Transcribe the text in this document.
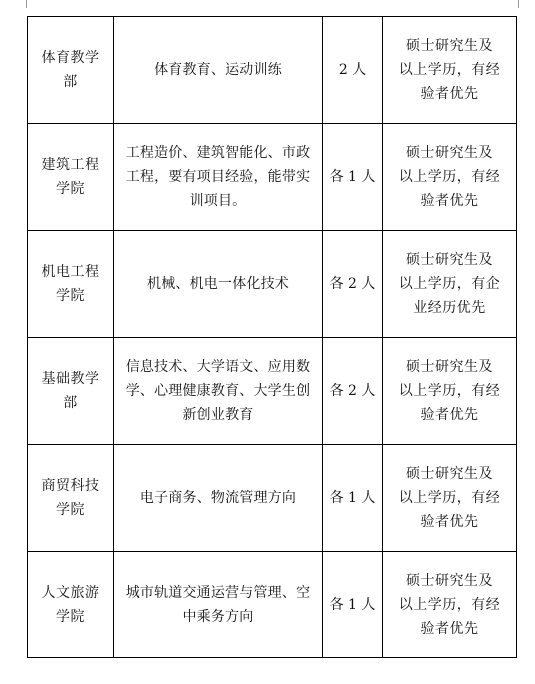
体育教学
部	体育教育、运动训练	2 人	硕士研究生及
以上学历，有经
验者优先
建筑工程
学院	工程造价、建筑智能化、市政
工程，要有项目经验，能带实
训项目。	各 1 人	硕士研究生及
以上学历，有经
验者优先
机电工程
学院	机械、机电一体化技术	各 2 人	硕士研究生及
以上学历，有企
业经历优先
基础教学
部	信息技术、大学语文、应用数
学、心理健康教育、大学生创
新创业教育	各 2 人	硕士研究生及
以上学历，有经
验者优先
商贸科技
学院	电子商务、物流管理方向	各 1 人	硕士研究生及
以上学历，有经
验者优先
人文旅游
学院	城市轨道交通运营与管理、空
中乘务方向	各 1 人	硕士研究生及
以上学历，有经
验者优先
